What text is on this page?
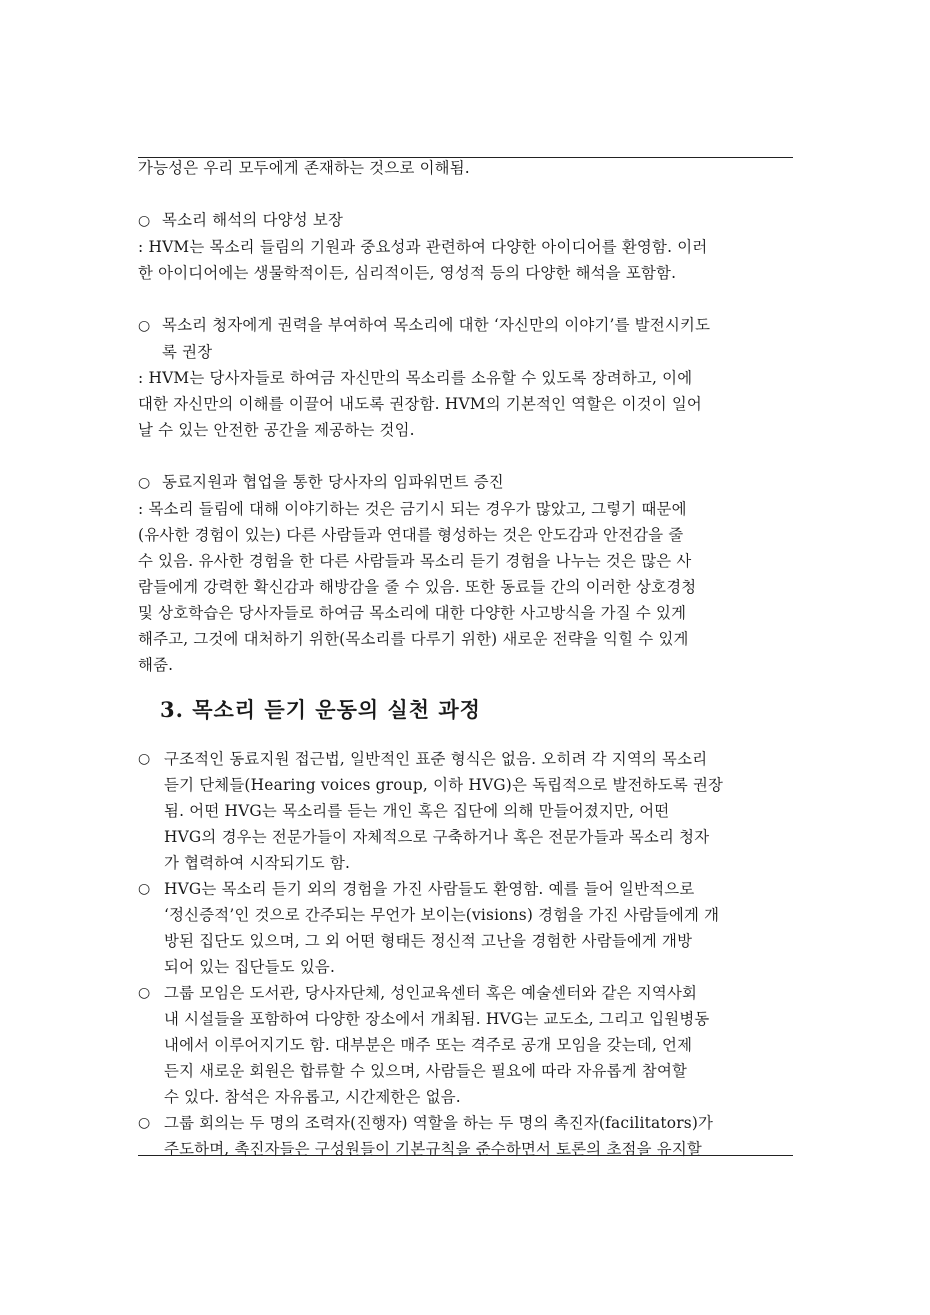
가능성은 우리 모두에게 존재하는 것으로 이해됨.
○ 목소리 해석의 다양성 보장
: HVM는 목소리 들림의 기원과 중요성과 관련하여 다양한 아이디어를 환영함. 이러
한 아이디어에는 생물학적이든, 심리적이든, 영성적 등의 다양한 해석을 포함함.
○ 목소리 청자에게 권력을 부여하여 목소리에 대한 ‘자신만의 이야기’를 발전시키도
록 권장
: HVM는 당사자들로 하여금 자신만의 목소리를 소유할 수 있도록 장려하고, 이에
대한 자신만의 이해를 이끌어 내도록 권장함. HVM의 기본적인 역할은 이것이 일어
날 수 있는 안전한 공간을 제공하는 것임.
○ 동료지원과 협업을 통한 당사자의 임파워먼트 증진
: 목소리 들림에 대해 이야기하는 것은 금기시 되는 경우가 많았고, 그렇기 때문에
(유사한 경험이 있는) 다른 사람들과 연대를 형성하는 것은 안도감과 안전감을 줄
수 있음. 유사한 경험을 한 다른 사람들과 목소리 듣기 경험을 나누는 것은 많은 사
람들에게 강력한 확신감과 해방감을 줄 수 있음. 또한 동료들 간의 이러한 상호경청
및 상호학습은 당사자들로 하여금 목소리에 대한 다양한 사고방식을 가질 수 있게
해주고, 그것에 대처하기 위한(목소리를 다루기 위한) 새로운 전략을 익힐 수 있게
해줌.
3. 목소리 듣기 운동의 실천 과정
○ 구조적인 동료지원 접근법, 일반적인 표준 형식은 없음. 오히려 각 지역의 목소리
듣기 단체들(Hearing voices group, 이하 HVG)은 독립적으로 발전하도록 권장
됨. 어떤 HVG는 목소리를 듣는 개인 혹은 집단에 의해 만들어졌지만, 어떤
HVG의 경우는 전문가들이 자체적으로 구축하거나 혹은 전문가들과 목소리 청자
가 협력하여 시작되기도 함.
○ HVG는 목소리 듣기 외의 경험을 가진 사람들도 환영함. 예를 들어 일반적으로
‘정신증적’인 것으로 간주되는 무언가 보이는(visions) 경험을 가진 사람들에게 개
방된 집단도 있으며, 그 외 어떤 형태든 정신적 고난을 경험한 사람들에게 개방
되어 있는 집단들도 있음.
○ 그룹 모임은 도서관, 당사자단체, 성인교육센터 혹은 예술센터와 같은 지역사회
내 시설들을 포함하여 다양한 장소에서 개최됨. HVG는 교도소, 그리고 입원병동
내에서 이루어지기도 함. 대부분은 매주 또는 격주로 공개 모임을 갖는데, 언제
든지 새로운 회원은 합류할 수 있으며, 사람들은 필요에 따라 자유롭게 참여할
수 있다. 참석은 자유롭고, 시간제한은 없음.
○ 그룹 회의는 두 명의 조력자(진행자) 역할을 하는 두 명의 촉진자(facilitators)가
주도하며, 촉진자들은 구성원들이 기본규칙을 준수하면서 토론의 초점을 유지할
